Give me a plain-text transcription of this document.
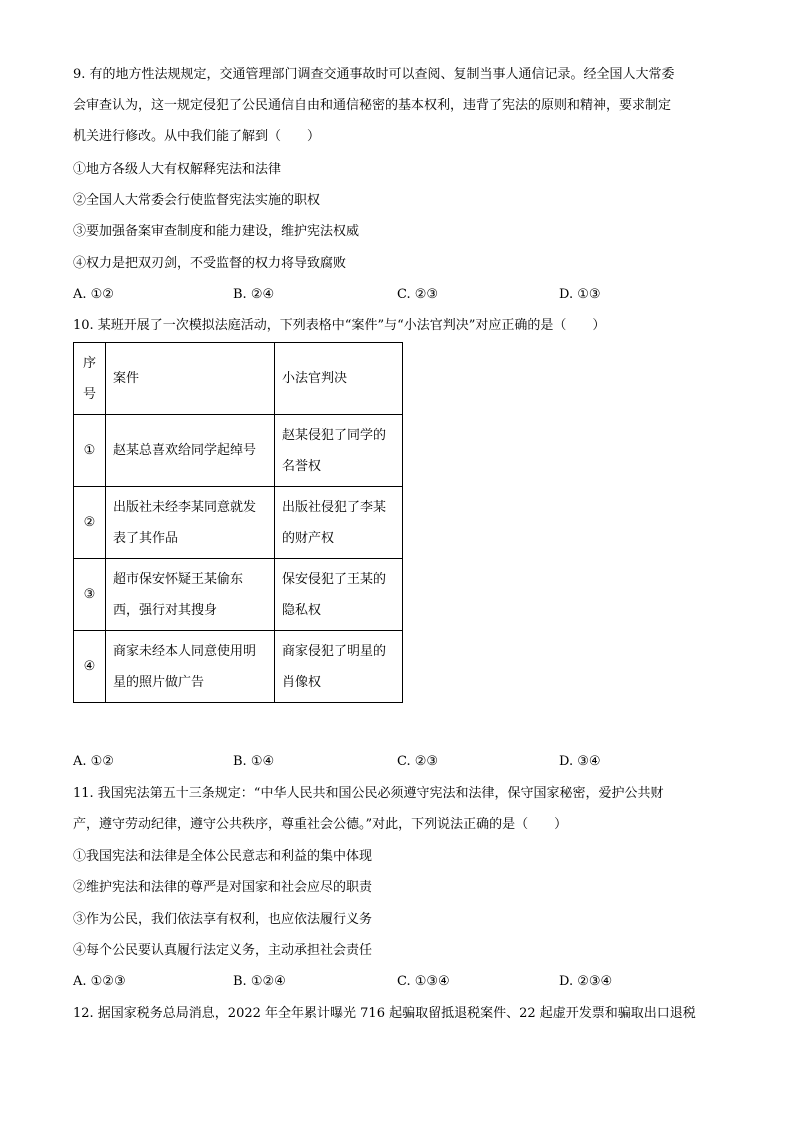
9. 有的地方性法规规定，交通管理部门调查交通事故时可以查阅、复制当事人通信记录。经全国人大常委
会审查认为，这一规定侵犯了公民通信自由和通信秘密的基本权利，违背了宪法的原则和精神，要求制定
机关进行修改。从中我们能了解到（　　）
①地方各级人大有权解释宪法和法律
②全国人大常委会行使监督宪法实施的职权
③要加强备案审查制度和能力建设，维护宪法权威
④权力是把双刃剑，不受监督的权力将导致腐败
A. ①②	B. ②④	C. ②③	D. ①③
10. 某班开展了一次模拟法庭活动，下列表格中“案件”与“小法官判决”对应正确的是（　　）
序号	案件	小法官判决
①	赵某总喜欢给同学起绰号	赵某侵犯了同学的名誉权
②	出版社未经李某同意就发表了其作品	出版社侵犯了李某的财产权
③	超市保安怀疑王某偷东西，强行对其搜身	保安侵犯了王某的隐私权
④	商家未经本人同意使用明星的照片做广告	商家侵犯了明星的肖像权
A. ①②	B. ①④	C. ②③	D. ③④
11. 我国宪法第五十三条规定：“中华人民共和国公民必须遵守宪法和法律，保守国家秘密，爱护公共财
产，遵守劳动纪律，遵守公共秩序，尊重社会公德。”对此，下列说法正确的是（　　）
①我国宪法和法律是全体公民意志和利益的集中体现
②维护宪法和法律的尊严是对国家和社会应尽的职责
③作为公民，我们依法享有权利，也应依法履行义务
④每个公民要认真履行法定义务，主动承担社会责任
A. ①②③	B. ①②④	C. ①③④	D. ②③④
12. 据国家税务总局消息，2022 年全年累计曝光 716 起骗取留抵退税案件、22 起虚开发票和骗取出口退税
